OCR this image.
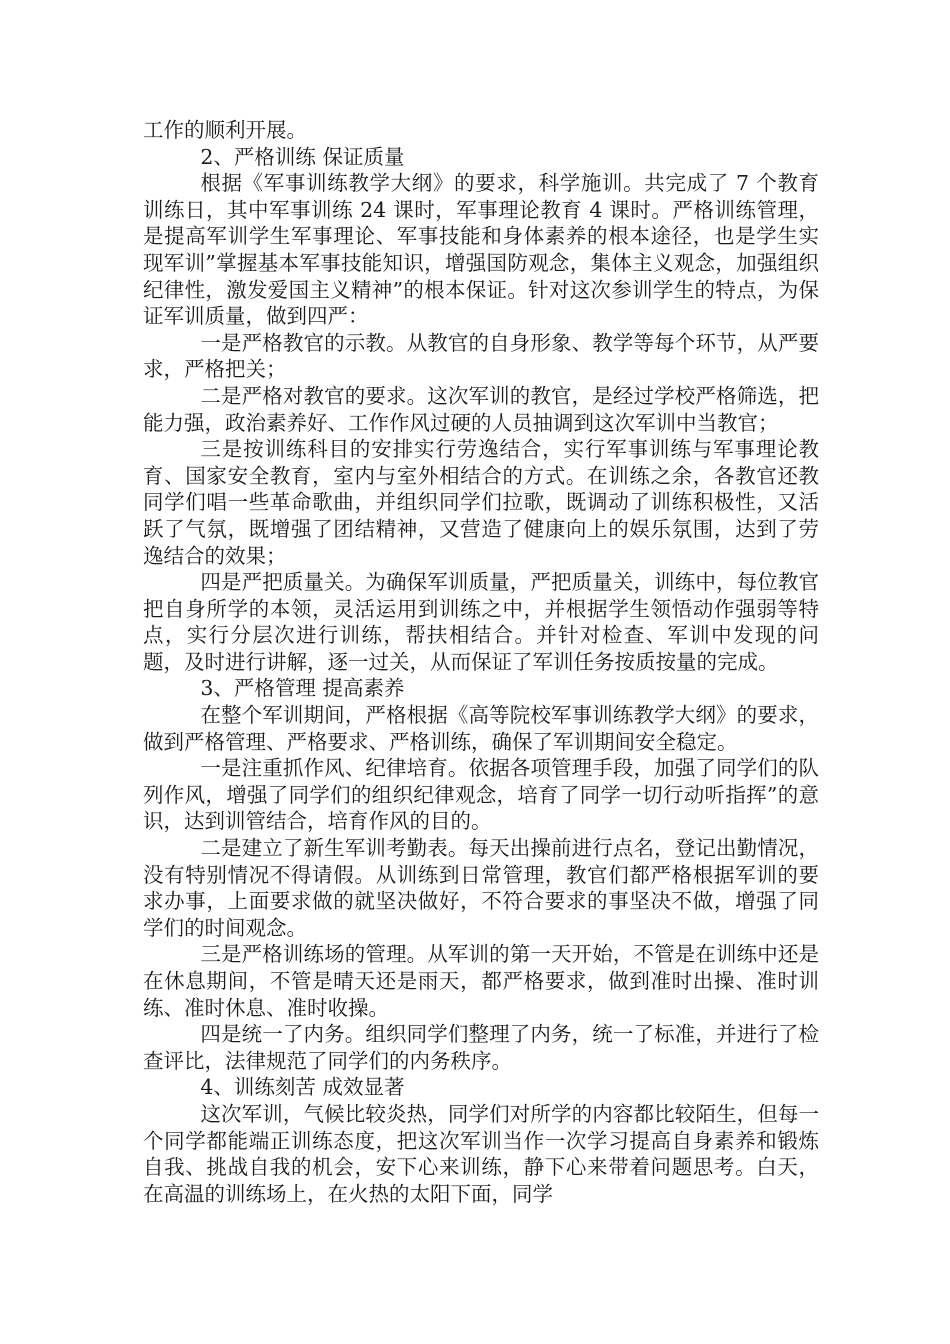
工作的顺利开展。

2、严格训练 保证质量

根据《军事训练教学大纲》的要求，科学施训。共完成了 7 个教育训练日，其中军事训练 24 课时，军事理论教育 4 课时。严格训练管理，是提高军训学生军事理论、军事技能和身体素养的根本途径，也是学生实现军训”掌握基本军事技能知识，增强国防观念，集体主义观念，加强组织纪律性，激发爱国主义精神”的根本保证。针对这次参训学生的特点，为保证军训质量，做到四严：

一是严格教官的示教。从教官的自身形象、教学等每个环节，从严要求，严格把关；

二是严格对教官的要求。这次军训的教官，是经过学校严格筛选，把能力强，政治素养好、工作作风过硬的人员抽调到这次军训中当教官；

三是按训练科目的安排实行劳逸结合，实行军事训练与军事理论教育、国家安全教育，室内与室外相结合的方式。在训练之余，各教官还教同学们唱一些革命歌曲，并组织同学们拉歌，既调动了训练积极性，又活跃了气氛，既增强了团结精神，又营造了健康向上的娱乐氛围，达到了劳逸结合的效果；

四是严把质量关。为确保军训质量，严把质量关，训练中，每位教官把自身所学的本领，灵活运用到训练之中，并根据学生领悟动作强弱等特点，实行分层次进行训练，帮扶相结合。并针对检查、军训中发现的问题，及时进行讲解，逐一过关，从而保证了军训任务按质按量的完成。

3、严格管理 提高素养

在整个军训期间，严格根据《高等院校军事训练教学大纲》的要求，做到严格管理、严格要求、严格训练，确保了军训期间安全稳定。

一是注重抓作风、纪律培育。依据各项管理手段，加强了同学们的队列作风，增强了同学们的组织纪律观念，培育了同学一切行动听指挥”的意识，达到训管结合，培育作风的目的。

二是建立了新生军训考勤表。每天出操前进行点名，登记出勤情况，没有特别情况不得请假。从训练到日常管理，教官们都严格根据军训的要求办事，上面要求做的就坚决做好，不符合要求的事坚决不做，增强了同学们的时间观念。

三是严格训练场的管理。从军训的第一天开始，不管是在训练中还是在休息期间，不管是晴天还是雨天，都严格要求，做到准时出操、准时训练、准时休息、准时收操。

四是统一了内务。组织同学们整理了内务，统一了标准，并进行了检查评比，法律规范了同学们的内务秩序。

4、训练刻苦 成效显著

这次军训，气候比较炎热，同学们对所学的内容都比较陌生，但每一个同学都能端正训练态度，把这次军训当作一次学习提高自身素养和锻炼自我、挑战自我的机会，安下心来训练，静下心来带着问题思考。白天，在高温的训练场上，在火热的太阳下面，同学
